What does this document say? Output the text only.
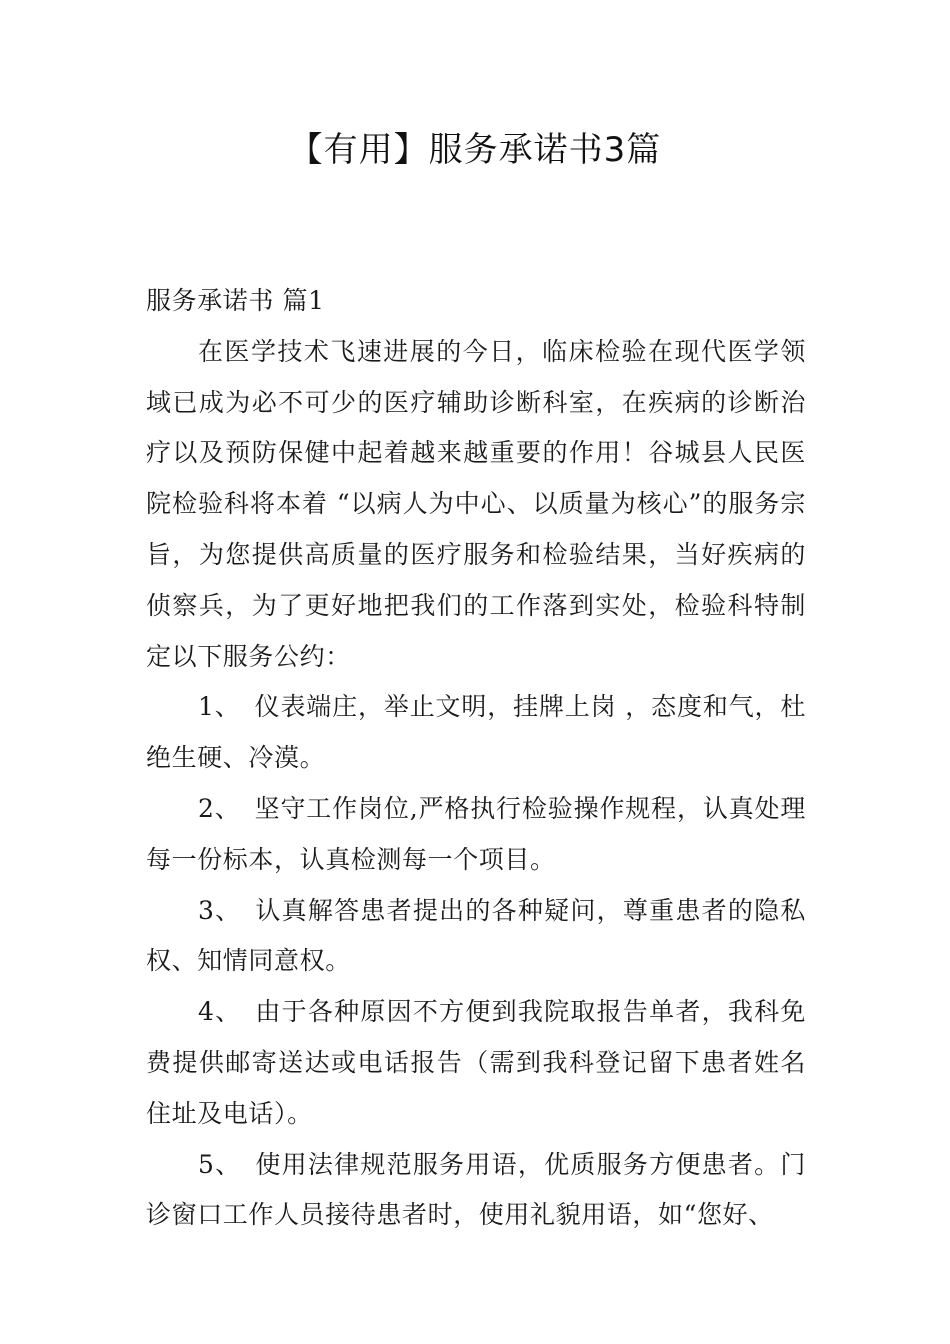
【有用】服务承诺书3篇

服务承诺书 篇1

在医学技术飞速进展的今日，临床检验在现代医学领域已成为必不可少的医疗辅助诊断科室，在疾病的诊断治疗以及预防保健中起着越来越重要的作用！谷城县人民医院检验科将本着 “以病人为中心、以质量为核心”的服务宗旨，为您提供高质量的医疗服务和检验结果，当好疾病的侦察兵，为了更好地把我们的工作落到实处，检验科特制定以下服务公约：

1、 仪表端庄，举止文明，挂牌上岗 ，态度和气，杜绝生硬、冷漠。

2、 坚守工作岗位,严格执行检验操作规程，认真处理每一份标本，认真检测每一个项目。

3、 认真解答患者提出的各种疑问，尊重患者的隐私权、知情同意权。

4、 由于各种原因不方便到我院取报告单者，我科免费提供邮寄送达或电话报告（需到我科登记留下患者姓名住址及电话）。

5、 使用法律规范服务用语，优质服务方便患者。门诊窗口工作人员接待患者时，使用礼貌用语，如“您好、
